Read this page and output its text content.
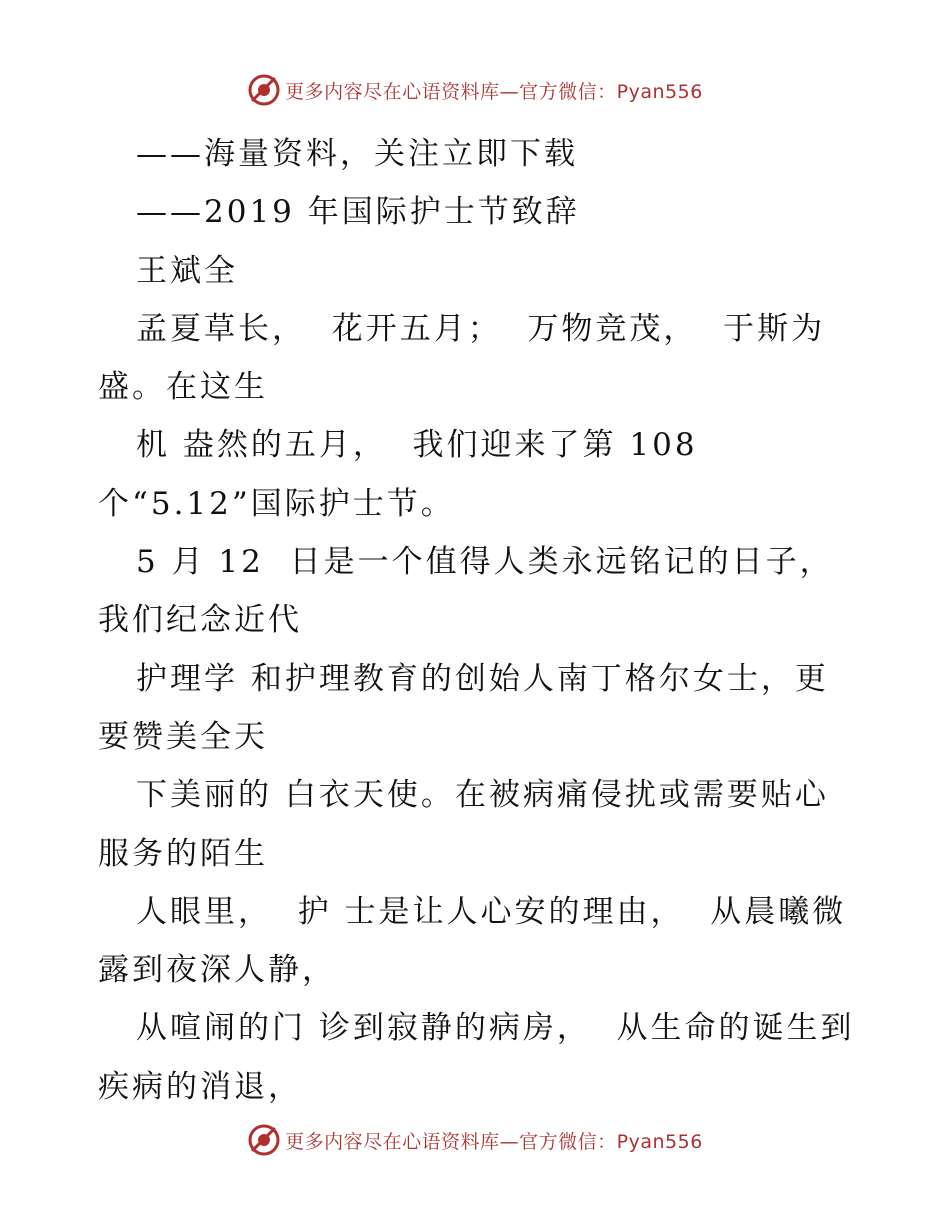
更多内容尽在心语资料库—官方微信：Pyan556
——海量资料，关注立即下载
——2019 年国际护士节致辞
王斌全
孟夏草长，  花开五月；  万物竞茂，  于斯为
盛。在这生
机 盎然的五月，  我们迎来了第 108
个“5.12”国际护士节。
5 月 12  日是一个值得人类永远铭记的日子，
我们纪念近代
护理学 和护理教育的创始人南丁格尔女士，更
要赞美全天
下美丽的 白衣天使。在被病痛侵扰或需要贴心
服务的陌生
人眼里，  护 士是让人心安的理由，  从晨曦微
露到夜深人静，
从喧闹的门 诊到寂静的病房，  从生命的诞生到
疾病的消退，
更多内容尽在心语资料库—官方微信：Pyan556
